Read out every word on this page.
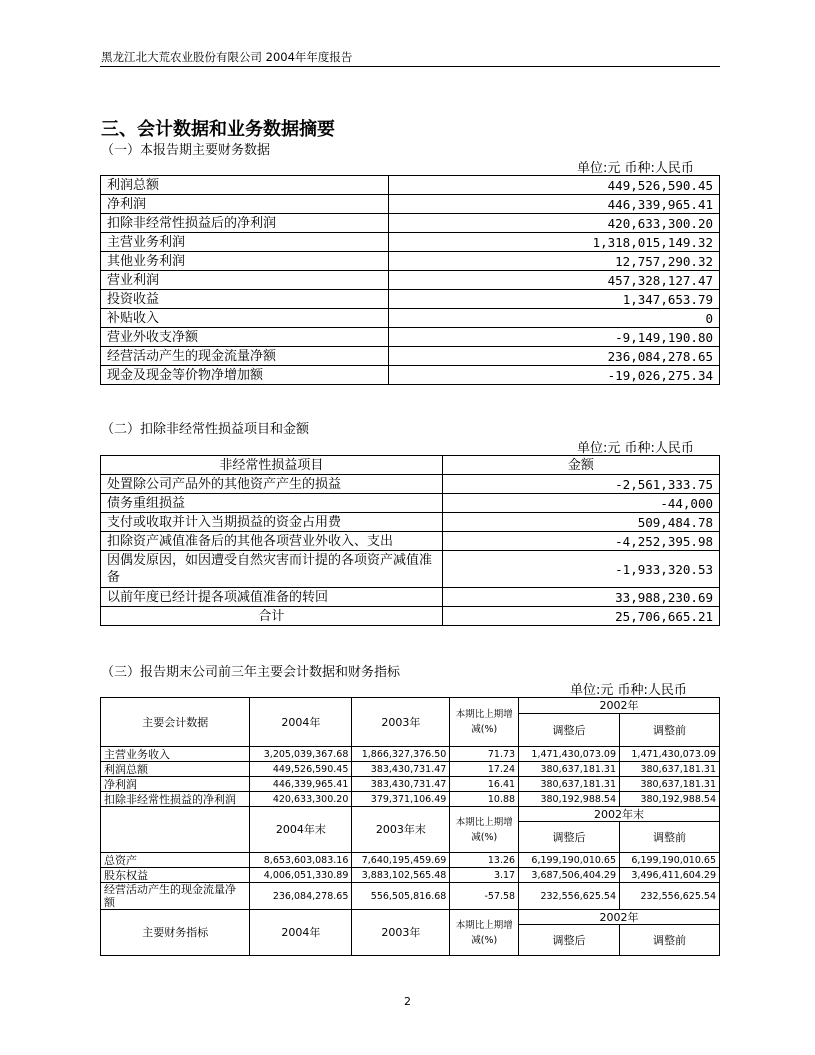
黑龙江北大荒农业股份有限公司 2004年年度报告
三、会计数据和业务数据摘要
（一）本报告期主要财务数据
单位:元 币种:人民币
利润总额	449,526,590.45
净利润	446,339,965.41
扣除非经常性损益后的净利润	420,633,300.20
主营业务利润	1,318,015,149.32
其他业务利润	12,757,290.32
营业利润	457,328,127.47
投资收益	1,347,653.79
补贴收入	0
营业外收支净额	-9,149,190.80
经营活动产生的现金流量净额	236,084,278.65
现金及现金等价物净增加额	-19,026,275.34
（二）扣除非经常性损益项目和金额
单位:元 币种:人民币
非经常性损益项目	金额
处置除公司产品外的其他资产产生的损益	-2,561,333.75
债务重组损益	-44,000
支付或收取并计入当期损益的资金占用费	509,484.78
扣除资产减值准备后的其他各项营业外收入、支出	-4,252,395.98
因偶发原因，如因遭受自然灾害而计提的各项资产减值准备	-1,933,320.53
以前年度已经计提各项减值准备的转回	33,988,230.69
合计	25,706,665.21
（三）报告期末公司前三年主要会计数据和财务指标
单位:元 币种:人民币
主要会计数据	2004年	2003年	本期比上期增减(%)	2002年	
				调整后	调整前

主营业务收入	3,205,039,367.68	1,866,327,376.50	71.73	1,471,430,073.09	1,471,430,073.09
利润总额	449,526,590.45	383,430,731.47	17.24	380,637,181.31	380,637,181.31
净利润	446,339,965.41	383,430,731.47	16.41	380,637,181.31	380,637,181.31
扣除非经常性损益的净利润	420,633,300.20	379,371,106.49	10.88	380,192,988.54	380,192,988.54
	2004年末	2003年末	本期比上期增减(%)	2002年末	
				调整后	调整前

总资产	8,653,603,083.16	7,640,195,459.69	13.26	6,199,190,010.65	6,199,190,010.65
股东权益	4,006,051,330.89	3,883,102,565.48	3.17	3,687,506,404.29	3,496,411,604.29
经营活动产生的现金流量净额	236,084,278.65	556,505,816.68	-57.58	232,556,625.54	232,556,625.54
主要财务指标	2004年	2003年	本期比上期增减(%)	2002年	
				调整后	调整前

2
